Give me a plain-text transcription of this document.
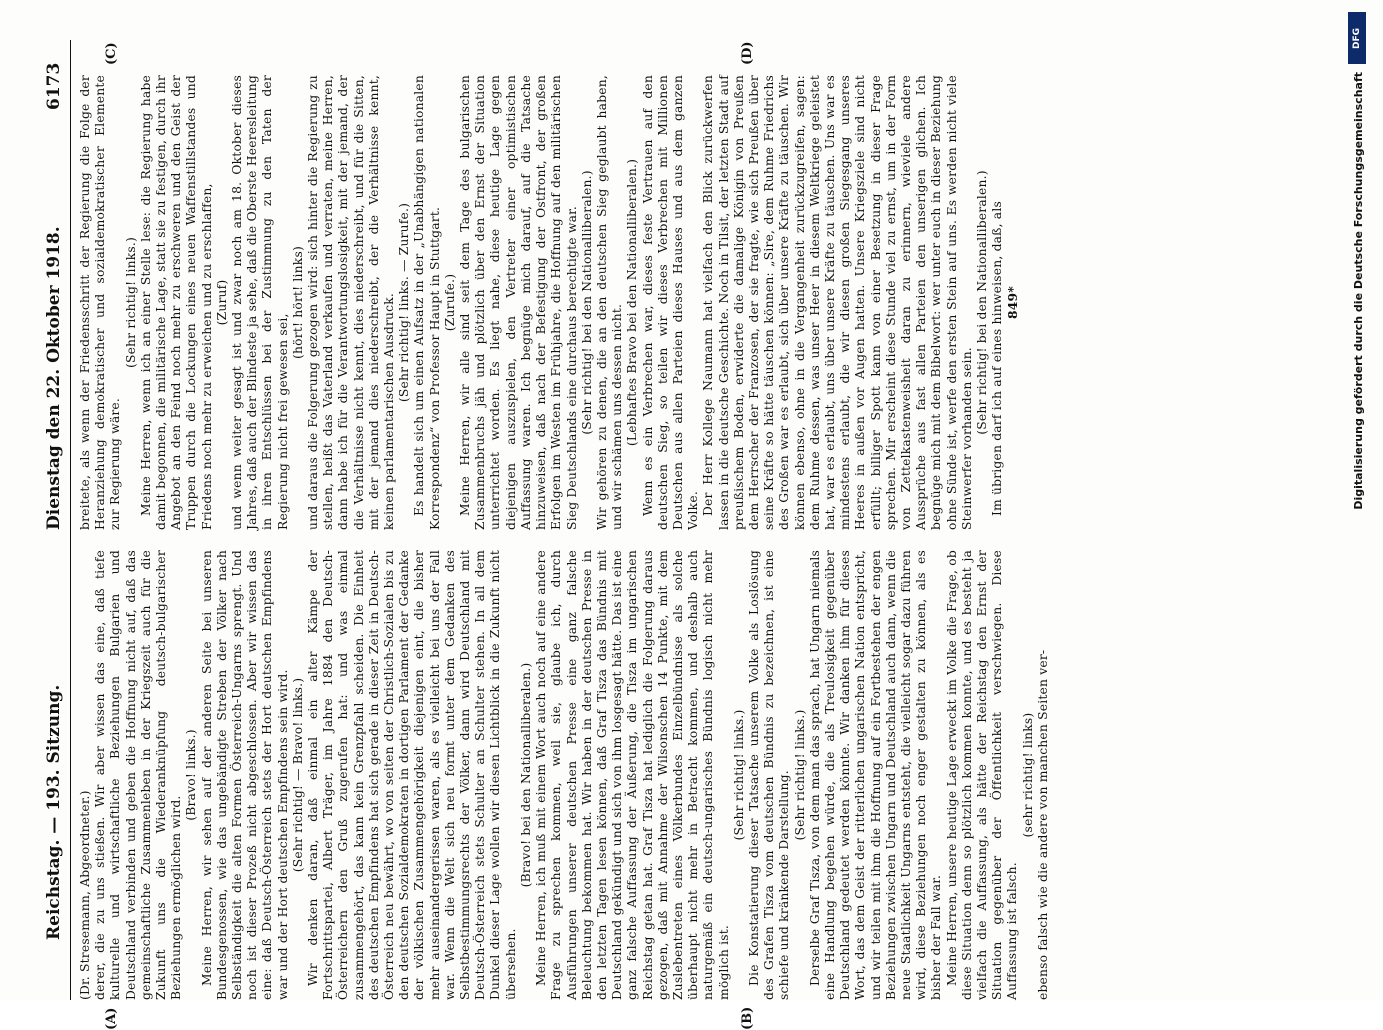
Reichstag. — 193. Sitzung.
Dienstag den 22. Oktober 1918.
6173
(A)	(B)
(C)	(D)

(Dr. Stresemann, Abgeordneter.) derer, die zu uns stießen. Wir aber wissen das eine, daß tiefe kulturelle und wirtschaftliche Beziehungen Bulgarien und Deutschland verbinden und geben die Hoffnung nicht auf, daß das gemeinschaftliche Zusammenleben in der Kriegszeit auch für die Zukunft uns die Wiederanknüpfung deutsch-bulgarischer Beziehungen ermöglichen wird.

(Bravo! links.) Meine Herren, wir sehen auf der anderen Seite bei unseren Bundesgenossen, wie das ungebändigte Streben der Völker nach Selbständigkeit die alten Formen Österreich-Ungarns sprengt. Und noch ist dieser Prozeß nicht abgeschlossen. Aber wir wissen das eine: daß Deutsch-Österreich stets der Hort deutschen Empfindens war und der Hort deutschen Empfindens sein wird. (Sehr richtig! — Bravo! links.) Wir denken daran, daß einmal ein alter Kämpe der Fortschrittspartei, Albert Träger, im Jahre 1884 den Deutsch-Österreichern den Gruß zugerufen hat: und was einmal zusammengehört, das kann kein Grenzpfahl scheiden. Die Einheit des deutschen Empfindens hat sich gerade in dieser Zeit in Deutsch-Österreich neu bewährt, wo von seiten der Christlich-Sozialen bis zu den deutschen Sozialdemokraten in dortigen Parlament der Gedanke der völkischen Zusammengehörigkeit diejenigen eint, die bisher mehr auseinandergerissen waren, als es vielleicht bei uns der Fall war. Wenn die Welt sich neu formt unter dem Gedanken des Selbstbestimmungsrechts der Völker, dann wird Deutschland mit Deutsch-Österreich stets Schulter an Schulter stehen. In all dem Dunkel dieser Lage wollen wir diesen Lichtblick in die Zukunft nicht übersehen.

(Bravo! bei den Nationalliberalen.) Meine Herren, ich muß mit einem Wort auch noch auf eine andere Frage zu sprechen kommen, weil sie, glaube ich, durch Ausführungen unserer deutschen Presse eine ganz falsche Beleuchtung bekommen hat. Wir haben in der deutschen Presse in den letzten Tagen lesen können, daß Graf Tisza das Bündnis mit Deutschland gekündigt und sich von ihm losgesagt hätte. Das ist eine ganz falsche Auffassung der Äußerung, die Tisza im ungarischen Reichstag getan hat. Graf Tisza hat lediglich die Folgerung daraus gezogen, daß mit Annahme der Wilsonschen 14 Punkte, mit dem Zuslebentreten eines Völkerbundes Einzelbündnisse als solche überhaupt nicht mehr in Betracht kommen, und deshalb auch naturgemäß ein deutsch-ungarisches Bündnis logisch nicht mehr möglich ist.

(Sehr richtig! links.) Die Konstatierung dieser Tatsache unserem Volke als Loslösung des Grafen Tisza vom deutschen Bündnis zu bezeichnen, ist eine schiefe und kränkende Darstellung. (Sehr richtig! links.) Derselbe Graf Tisza, von dem man das sprach, hat Ungarn niemals eine Handlung begehen würde, die als Treulosigkeit gegenüber Deutschland gedeutet werden könnte. Wir danken ihm für dieses Wort, das dem Geist der ritterlichen ungarischen Nation entspricht, und wir teilen mit ihm die Hoffnung auf ein Fortbestehen der engen Beziehungen zwischen Ungarn und Deutschland auch dann, wenn die neue Staatlichkeit Ungarns entsteht, die vielleicht sogar dazu führen wird, diese Beziehungen noch enger gestalten zu können, als es bisher der Fall war. Meine Herren, unsere heutige Lage erweckt im Volke die Frage, ob diese Situation denn so plötzlich kommen konnte, und es besteht ja vielfach die Auffassung, als hätte der Reichstag den Ernst der Situation gegenüber der Öffentlichkeit verschwiegen. Diese Auffassung ist falsch.

(sehr richtig! links) ebenso falsch wie die andere von manchen Seiten ver-

breitete, als wenn der Friedensschritt der Regierung die Folge der Heranziehung demokratischer und sozialdemokratischer Elemente zur Regierung wäre.

(Sehr richtig! links.) Meine Herren, wenn ich an einer Stelle lese: die Regierung habe damit begonnen, die militärische Lage, statt sie zu festigen, durch ihr Angebot an den Feind noch mehr zu erschweren und den Geist der Truppen durch die Lockungen eines neuen Waffenstillstandes und Friedens noch mehr zu erweichen und zu erschlaffen, (Zuruf) und wenn weiter gesagt ist und zwar noch am 18. Oktober dieses Jahres, daß auch der Blindeste ja sehe, daß die Oberste Heeresleitung in ihren Entschlüssen bei der Zustimmung zu den Taten der Regierung nicht frei gewesen sei,

(hört! hört! links) und daraus die Folgerung gezogen wird: sich hinter die Regierung zu stellen, heißt das Vaterland verkaufen und verraten, meine Herren, dann habe ich für die Verantwortungslosigkeit, mit der jemand, der die Verhältnisse nicht kennt, dies niederschreibt, und für die Sitten, mit der jemand dies niederschreibt, der die Verhältnisse kennt, keinen parlamentarischen Ausdruck. (Sehr richtig! links. — Zurufe.) Es handelt sich um einen Aufsatz in der „Unabhängigen nationalen Korrespondenz“ von Professor Haupt in Stuttgart. (Zurufe.) Meine Herren, wir alle sind seit dem Tage des bulgarischen Zusammenbruchs jäh und plötzlich über den Ernst der Situation unterrichtet worden. Es liegt nahe, diese heutige Lage gegen diejenigen auszuspielen, den Vertreter einer optimistischen Auffassung waren. Ich begnüge mich darauf, auf die Tatsache hinzuweisen, daß nach der Befestigung der Ostfront, der großen Erfolgen im Westen im Frühjahre, die Hoffnung auf den militärischen Sieg Deutschlands eine durchaus berechtigte war. (Sehr richtig! bei den Nationalliberalen.) Wir gehören zu denen, die an den deutschen Sieg geglaubt haben, und wir schämen uns dessen nicht. (Lebhaftes Bravo bei den Nationalliberalen.) Wenn es ein Verbrechen war, dieses feste Vertrauen auf den deutschen Sieg, so teilen wir dieses Verbrechen mit Millionen Deutschen aus allen Parteien dieses Hauses und aus dem ganzen Volke. Der Herr Kollege Naumann hat vielfach den Blick zurückwerfen lassen in die deutsche Geschichte. Noch in Tilsit, der letzten Stadt auf preußischem Boden, erwiderte die damalige Königin von Preußen dem Herrscher der Franzosen, der sie fragte, wie sich Preußen über seine Kräfte so hätte täuschen können: „Sire, dem Ruhme Friedrichs des Großen war es erlaubt, sich über unsere Kräfte zu täuschen. Wir können ebenso, ohne in die Vergangenheit zurückzugreifen, sagen: dem Ruhme dessen, was unser Heer in diesem Weltkriege geleistet hat, war es erlaubt, uns über unsere Kräfte zu täuschen. Uns war es mindestens erlaubt, die wir diesen großen Siegesgang unseres Heeres in außen vor Augen hatten. Unsere Kriegsziele sind nicht erfüllt; billiger Spott kann von einer Besetzung in dieser Frage sprechen. Mir erscheint diese Stunde viel zu ernst, um in der Form von Zettelkastenweisheit daran zu erinnern, wieviele andere Aussprüche aus fast allen Parteien den unserigen glichen. Ich begnüge mich mit dem Bibelwort: wer unter euch in dieser Beziehung ohne Sünde ist, werfe den ersten Stein auf uns. Es werden nicht viele Steinwerfer vorhanden sein.

(Sehr richtig! bei den Nationalliberalen.) Im übrigen darf ich auf eines hinweisen, daß, als 849*

DFG
Digitalisierung gefördert durch die Deutsche Forschungsgemeinschaft
